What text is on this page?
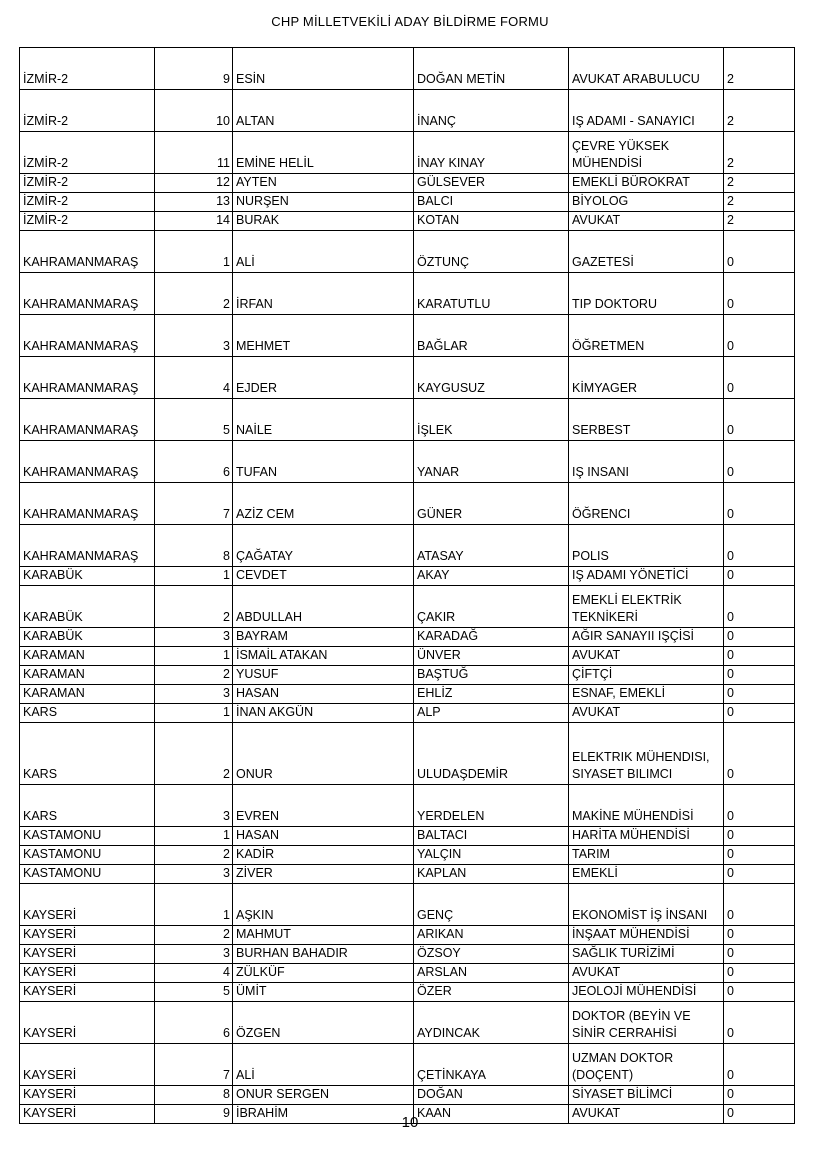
CHP MİLLETVEKİLİ ADAY BİLDİRME FORMU
İZMİR-2	9	ESİN	DOĞAN METİN	AVUKAT ARABULUCU	2
İZMİR-2	10	ALTAN	İNANÇ	IŞ ADAMI - SANAYICI	2
İZMİR-2	11	EMİNE HELİL	İNAY KINAY	ÇEVRE YÜKSEK MÜHENDİSİ	2
İZMİR-2	12	AYTEN	GÜLSEVER	EMEKLİ BÜROKRAT	2
İZMİR-2	13	NURŞEN	BALCI	BİYOLOG	2
İZMİR-2	14	BURAK	KOTAN	AVUKAT	2
KAHRAMANMARAŞ	1	ALİ	ÖZTUNÇ	GAZETESİ	0
KAHRAMANMARAŞ	2	İRFAN	KARATUTLU	TIP DOKTORU	0
KAHRAMANMARAŞ	3	MEHMET	BAĞLAR	ÖĞRETMEN	0
KAHRAMANMARAŞ	4	EJDER	KAYGUSUZ	KİMYAGER	0
KAHRAMANMARAŞ	5	NAİLE	İŞLEK	SERBEST	0
KAHRAMANMARAŞ	6	TUFAN	YANAR	IŞ INSANI	0
KAHRAMANMARAŞ	7	AZİZ CEM	GÜNER	ÖĞRENCI	0
KAHRAMANMARAŞ	8	ÇAĞATAY	ATASAY	POLIS	0
KARABÜK	1	CEVDET	AKAY	IŞ ADAMI YÖNETİCİ	0
KARABÜK	2	ABDULLAH	ÇAKIR	EMEKLİ ELEKTRİK TEKNİKERİ	0
KARABÜK	3	BAYRAM	KARADAĞ	AĞIR SANAYII IŞÇİSİ	0
KARAMAN	1	İSMAİL ATAKAN	ÜNVER	AVUKAT	0
KARAMAN	2	YUSUF	BAŞTUĞ	ÇİFTÇİ	0
KARAMAN	3	HASAN	EHLİZ	ESNAF, EMEKLİ	0
KARS	1	İNAN AKGÜN	ALP	AVUKAT	0
KARS	2	ONUR	ULUDAŞDEMİR	ELEKTRIK MÜHENDISI, SIYASET BILIMCI	0
KARS	3	EVREN	YERDELEN	MAKİNE MÜHENDİSİ	0
KASTAMONU	1	HASAN	BALTACI	HARİTA MÜHENDİSİ	0
KASTAMONU	2	KADİR	YALÇIN	TARIM	0
KASTAMONU	3	ZİVER	KAPLAN	EMEKLİ	0
KAYSERİ	1	AŞKIN	GENÇ	EKONOMİST İŞ İNSANI	0
KAYSERİ	2	MAHMUT	ARIKAN	İNŞAAT MÜHENDİSİ	0
KAYSERİ	3	BURHAN BAHADIR	ÖZSOY	SAĞLIK TURİZİMİ	0
KAYSERİ	4	ZÜLKÜF	ARSLAN	AVUKAT	0
KAYSERİ	5	ÜMİT	ÖZER	JEOLOJİ MÜHENDİSİ	0
KAYSERİ	6	ÖZGEN	AYDINCAK	DOKTOR (BEYİN VE SİNİR CERRAHİSİ	0
KAYSERİ	7	ALİ	ÇETİNKAYA	UZMAN DOKTOR (DOÇENT)	0
KAYSERİ	8	ONUR SERGEN	DOĞAN	SİYASET BİLİMCİ	0
KAYSERİ	9	İBRAHİM	KAAN	AVUKAT	0
10
